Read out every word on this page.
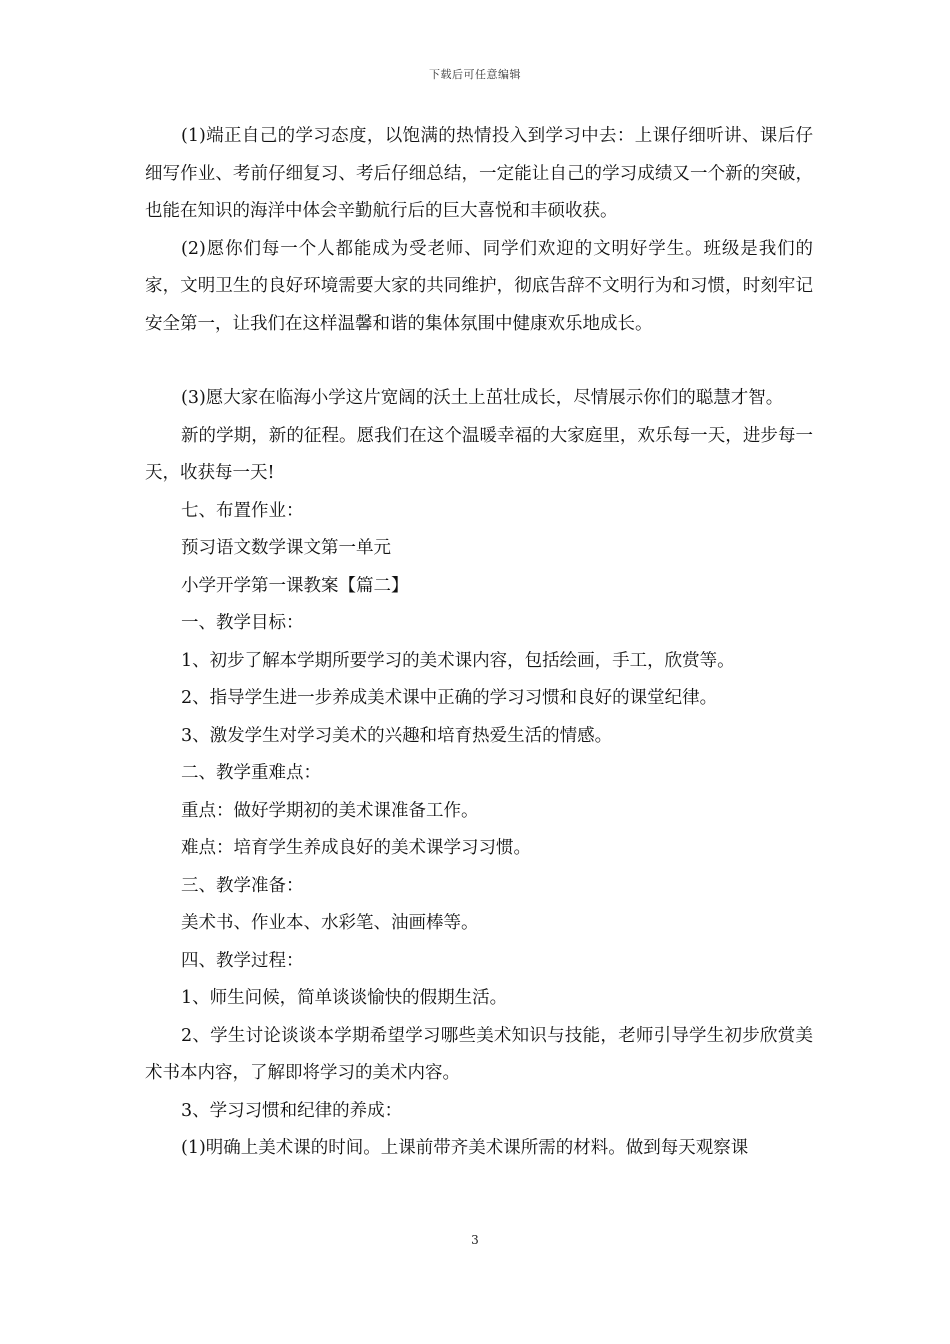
下载后可任意编辑

(1)端正自己的学习态度，以饱满的热情投入到学习中去：上课仔细听讲、课后仔细写作业、考前仔细复习、考后仔细总结，一定能让自己的学习成绩又一个新的突破，也能在知识的海洋中体会辛勤航行后的巨大喜悦和丰硕收获。

(2)愿你们每一个人都能成为受老师、同学们欢迎的文明好学生。班级是我们的家，文明卫生的良好环境需要大家的共同维护，彻底告辞不文明行为和习惯，时刻牢记安全第一，让我们在这样温馨和谐的集体氛围中健康欢乐地成长。

(3)愿大家在临海小学这片宽阔的沃土上茁壮成长，尽情展示你们的聪慧才智。

新的学期，新的征程。愿我们在这个温暖幸福的大家庭里，欢乐每一天，进步每一天，收获每一天!

七、布置作业：

预习语文数学课文第一单元

小学开学第一课教案【篇二】

一、教学目标：

1、初步了解本学期所要学习的美术课内容，包括绘画，手工，欣赏等。

2、指导学生进一步养成美术课中正确的学习习惯和良好的课堂纪律。

3、激发学生对学习美术的兴趣和培育热爱生活的情感。

二、教学重难点：

重点：做好学期初的美术课准备工作。

难点：培育学生养成良好的美术课学习习惯。

三、教学准备：

美术书、作业本、水彩笔、油画棒等。

四、教学过程：

1、师生问候，简单谈谈愉快的假期生活。

2、学生讨论谈谈本学期希望学习哪些美术知识与技能，老师引导学生初步欣赏美术书本内容，了解即将学习的美术内容。

3、学习习惯和纪律的养成：

(1)明确上美术课的时间。上课前带齐美术课所需的材料。做到每天观察课

3
